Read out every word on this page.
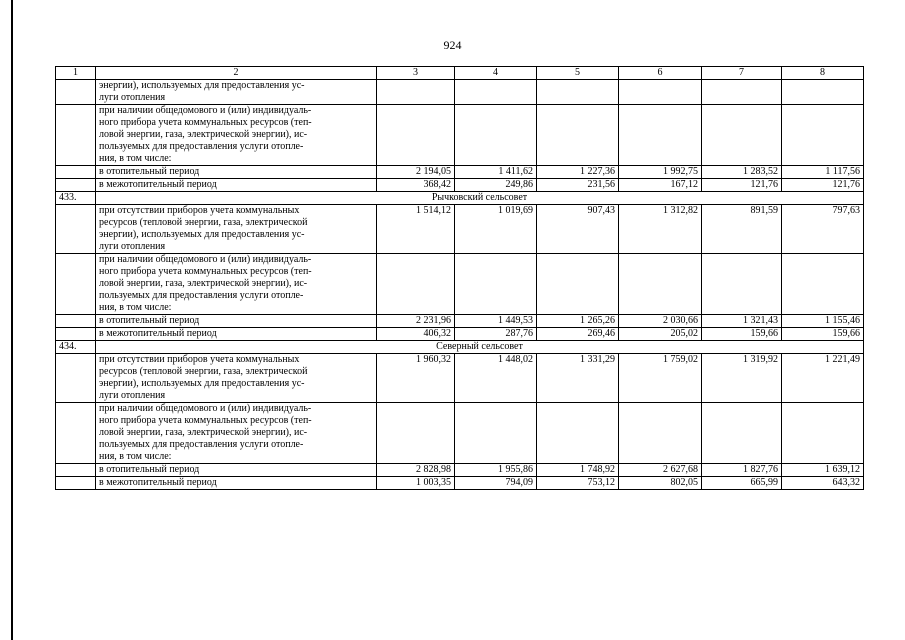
924
1	2	3	4	5	6	7	8
	энергии), используемых для предоставления ус-
луги отопления						
	при наличии общедомового и (или) индивидуаль-
ного прибора учета коммунальных ресурсов (теп-
ловой энергии, газа, электрической энергии), ис-
пользуемых для предоставления услуги отопле-
ния, в том числе:						
	в отопительный период	2 194,05	1 411,62	1 227,36	1 992,75	1 283,52	1 117,56
	в межотопительный период	368,42	249,86	231,56	167,12	121,76	121,76
433.	Рычковский сельсовет						
	при отсутствии приборов учета коммунальных
ресурсов (тепловой энергии, газа, электрической
энергии), используемых для предоставления ус-
луги отопления	1 514,12	1 019,69	907,43	1 312,82	891,59	797,63
	при наличии общедомового и (или) индивидуаль-
ного прибора учета коммунальных ресурсов (теп-
ловой энергии, газа, электрической энергии), ис-
пользуемых для предоставления услуги отопле-
ния, в том числе:						
	в отопительный период	2 231,96	1 449,53	1 265,26	2 030,66	1 321,43	1 155,46
	в межотопительный период	406,32	287,76	269,46	205,02	159,66	159,66
434.	Северный сельсовет						
	при отсутствии приборов учета коммунальных
ресурсов (тепловой энергии, газа, электрической
энергии), используемых для предоставления ус-
луги отопления	1 960,32	1 448,02	1 331,29	1 759,02	1 319,92	1 221,49
	при наличии общедомового и (или) индивидуаль-
ного прибора учета коммунальных ресурсов (теп-
ловой энергии, газа, электрической энергии), ис-
пользуемых для предоставления услуги отопле-
ния, в том числе:						
	в отопительный период	2 828,98	1 955,86	1 748,92	2 627,68	1 827,76	1 639,12
	в межотопительный период	1 003,35	794,09	753,12	802,05	665,99	643,32
